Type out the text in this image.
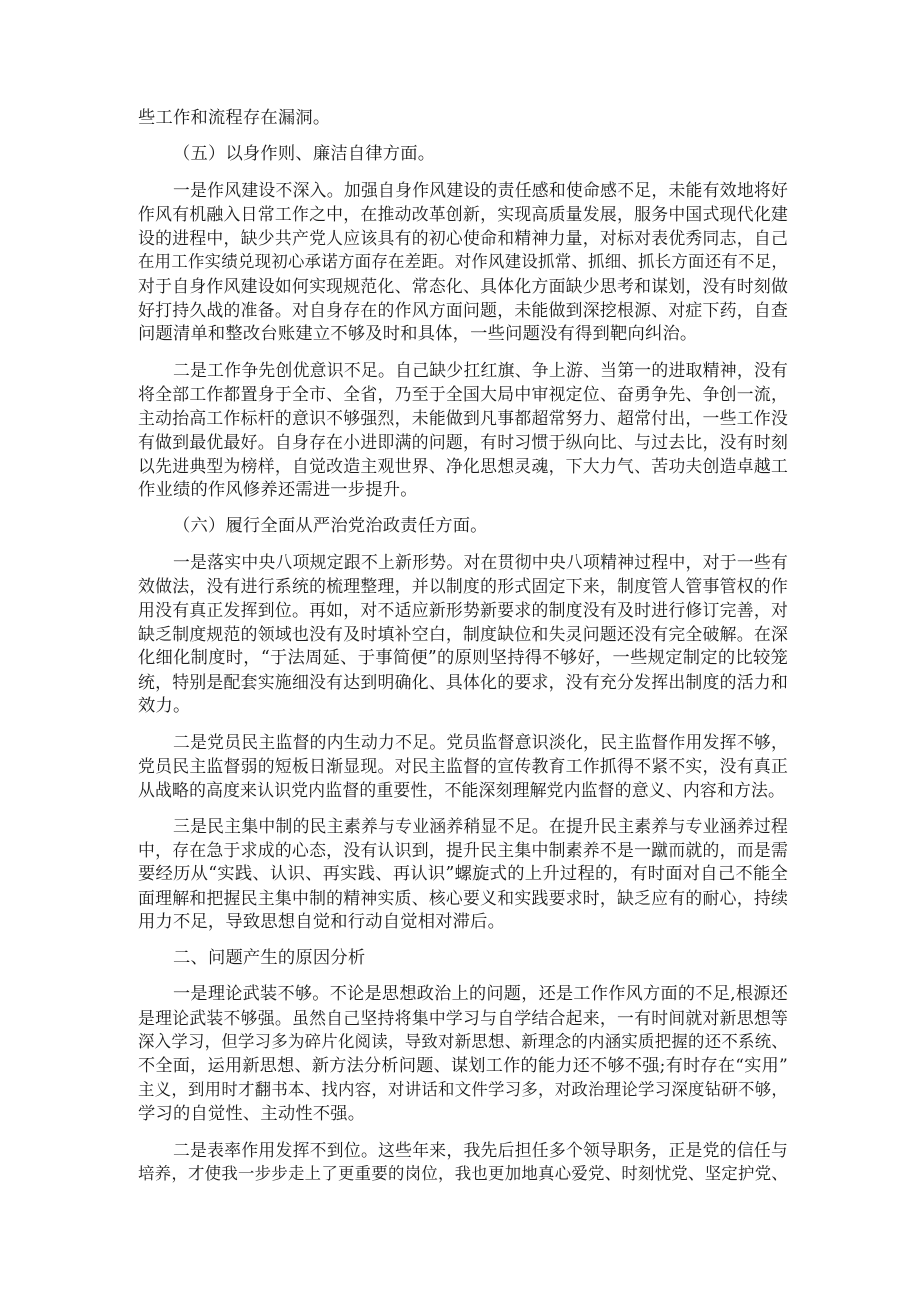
些工作和流程存在漏洞。
（五）以身作则、廉洁自律方面。
一是作风建设不深入。加强自身作风建设的责任感和使命感不足，未能有效地将好
作风有机融入日常工作之中，在推动改革创新，实现高质量发展，服务中国式现代化建
设的进程中，缺少共产党人应该具有的初心使命和精神力量，对标对表优秀同志，自己
在用工作实绩兑现初心承诺方面存在差距。对作风建设抓常、抓细、抓长方面还有不足，
对于自身作风建设如何实现规范化、常态化、具体化方面缺少思考和谋划，没有时刻做
好打持久战的准备。对自身存在的作风方面问题，未能做到深挖根源、对症下药，自查
问题清单和整改台账建立不够及时和具体，一些问题没有得到靶向纠治。
二是工作争先创优意识不足。自己缺少扛红旗、争上游、当第一的进取精神，没有
将全部工作都置身于全市、全省，乃至于全国大局中审视定位、奋勇争先、争创一流，
主动抬高工作标杆的意识不够强烈，未能做到凡事都超常努力、超常付出，一些工作没
有做到最优最好。自身存在小进即满的问题，有时习惯于纵向比、与过去比，没有时刻
以先进典型为榜样，自觉改造主观世界、净化思想灵魂，下大力气、苦功夫创造卓越工
作业绩的作风修养还需进一步提升。
（六）履行全面从严治党治政责任方面。
一是落实中央八项规定跟不上新形势。对在贯彻中央八项精神过程中，对于一些有
效做法，没有进行系统的梳理整理，并以制度的形式固定下来，制度管人管事管权的作
用没有真正发挥到位。再如，对不适应新形势新要求的制度没有及时进行修订完善，对
缺乏制度规范的领域也没有及时填补空白，制度缺位和失灵问题还没有完全破解。在深
化细化制度时，“于法周延、于事简便”的原则坚持得不够好，一些规定制定的比较笼
统，特别是配套实施细没有达到明确化、具体化的要求，没有充分发挥出制度的活力和
效力。
二是党员民主监督的内生动力不足。党员监督意识淡化，民主监督作用发挥不够，
党员民主监督弱的短板日渐显现。对民主监督的宣传教育工作抓得不紧不实，没有真正
从战略的高度来认识党内监督的重要性，不能深刻理解党内监督的意义、内容和方法。
三是民主集中制的民主素养与专业涵养稍显不足。在提升民主素养与专业涵养过程
中，存在急于求成的心态，没有认识到，提升民主集中制素养不是一蹴而就的，而是需
要经历从“实践、认识、再实践、再认识”螺旋式的上升过程的，有时面对自己不能全
面理解和把握民主集中制的精神实质、核心要义和实践要求时，缺乏应有的耐心，持续
用力不足，导致思想自觉和行动自觉相对滞后。
二、问题产生的原因分析
一是理论武装不够。不论是思想政治上的问题，还是工作作风方面的不足,根源还
是理论武装不够强。虽然自己坚持将集中学习与自学结合起来，一有时间就对新思想等
深入学习，但学习多为碎片化阅读，导致对新思想、新理念的内涵实质把握的还不系统、
不全面，运用新思想、新方法分析问题、谋划工作的能力还不够不强;有时存在“实用”
主义，到用时才翻书本、找内容，对讲话和文件学习多，对政治理论学习深度钻研不够，
学习的自觉性、主动性不强。
二是表率作用发挥不到位。这些年来，我先后担任多个领导职务，正是党的信任与
培养，才使我一步步走上了更重要的岗位，我也更加地真心爱党、时刻忧党、坚定护党、
